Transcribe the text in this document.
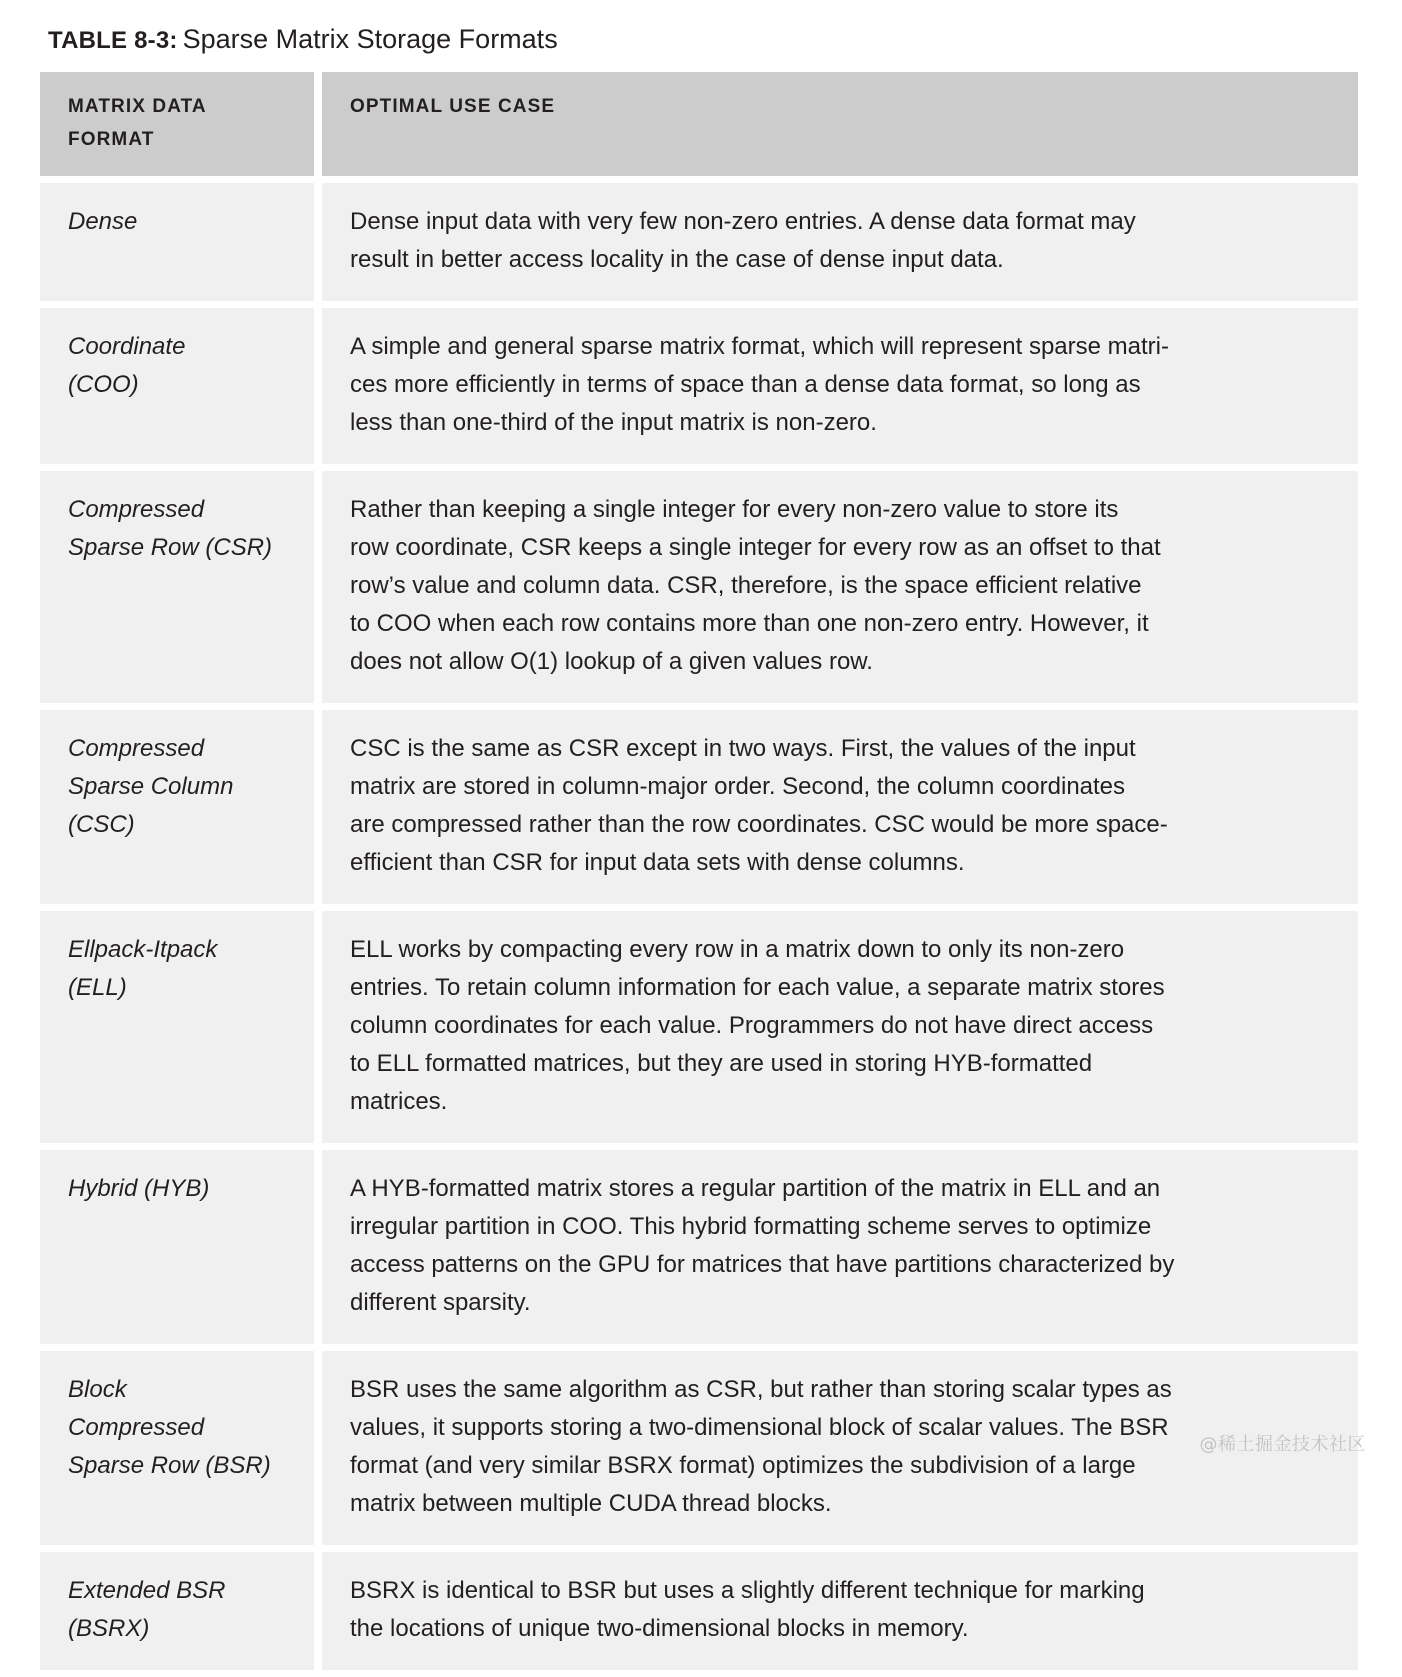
TABLE 8-3: Sparse Matrix Storage Formats
MATRIX DATA
FORMAT
OPTIMAL USE CASE
Dense	Dense input data with very few non-zero entries. A dense data format may
result in better access locality in the case of dense input data.
Coordinate
(COO)
A simple and general sparse matrix format, which will represent sparse matri-
ces more efficiently in terms of space than a dense data format, so long as
less than one-third of the input matrix is non-zero.
Compressed
Sparse Row (CSR)
Rather than keeping a single integer for every non-zero value to store its
row coordinate, CSR keeps a single integer for every row as an offset to that
row’s value and column data. CSR, therefore, is the space efficient relative
to COO when each row contains more than one non-zero entry. However, it
does not allow O(1) lookup of a given values row.
Compressed
Sparse Column
(CSC)
CSC is the same as CSR except in two ways. First, the values of the input
matrix are stored in column-major order. Second, the column coordinates
are compressed rather than the row coordinates. CSC would be more space-
efficient than CSR for input data sets with dense columns.
Ellpack-Itpack
(ELL)
ELL works by compacting every row in a matrix down to only its non-zero
entries. To retain column information for each value, a separate matrix stores
column coordinates for each value. Programmers do not have direct access
to ELL formatted matrices, but they are used in storing HYB-formatted
matrices.
Hybrid (HYB)	A HYB-formatted matrix stores a regular partition of the matrix in ELL and an
irregular partition in COO. This hybrid formatting scheme serves to optimize
access patterns on the GPU for matrices that have partitions characterized by
different sparsity.
Block
Compressed
Sparse Row (BSR)
BSR uses the same algorithm as CSR, but rather than storing scalar types as
values, it supports storing a two-dimensional block of scalar values. The BSR
format (and very similar BSRX format) optimizes the subdivision of a large
matrix between multiple CUDA thread blocks.
Extended BSR
(BSRX)
BSRX is identical to BSR but uses a slightly different technique for marking
the locations of unique two-dimensional blocks in memory.
@稀土掘金技术社区
